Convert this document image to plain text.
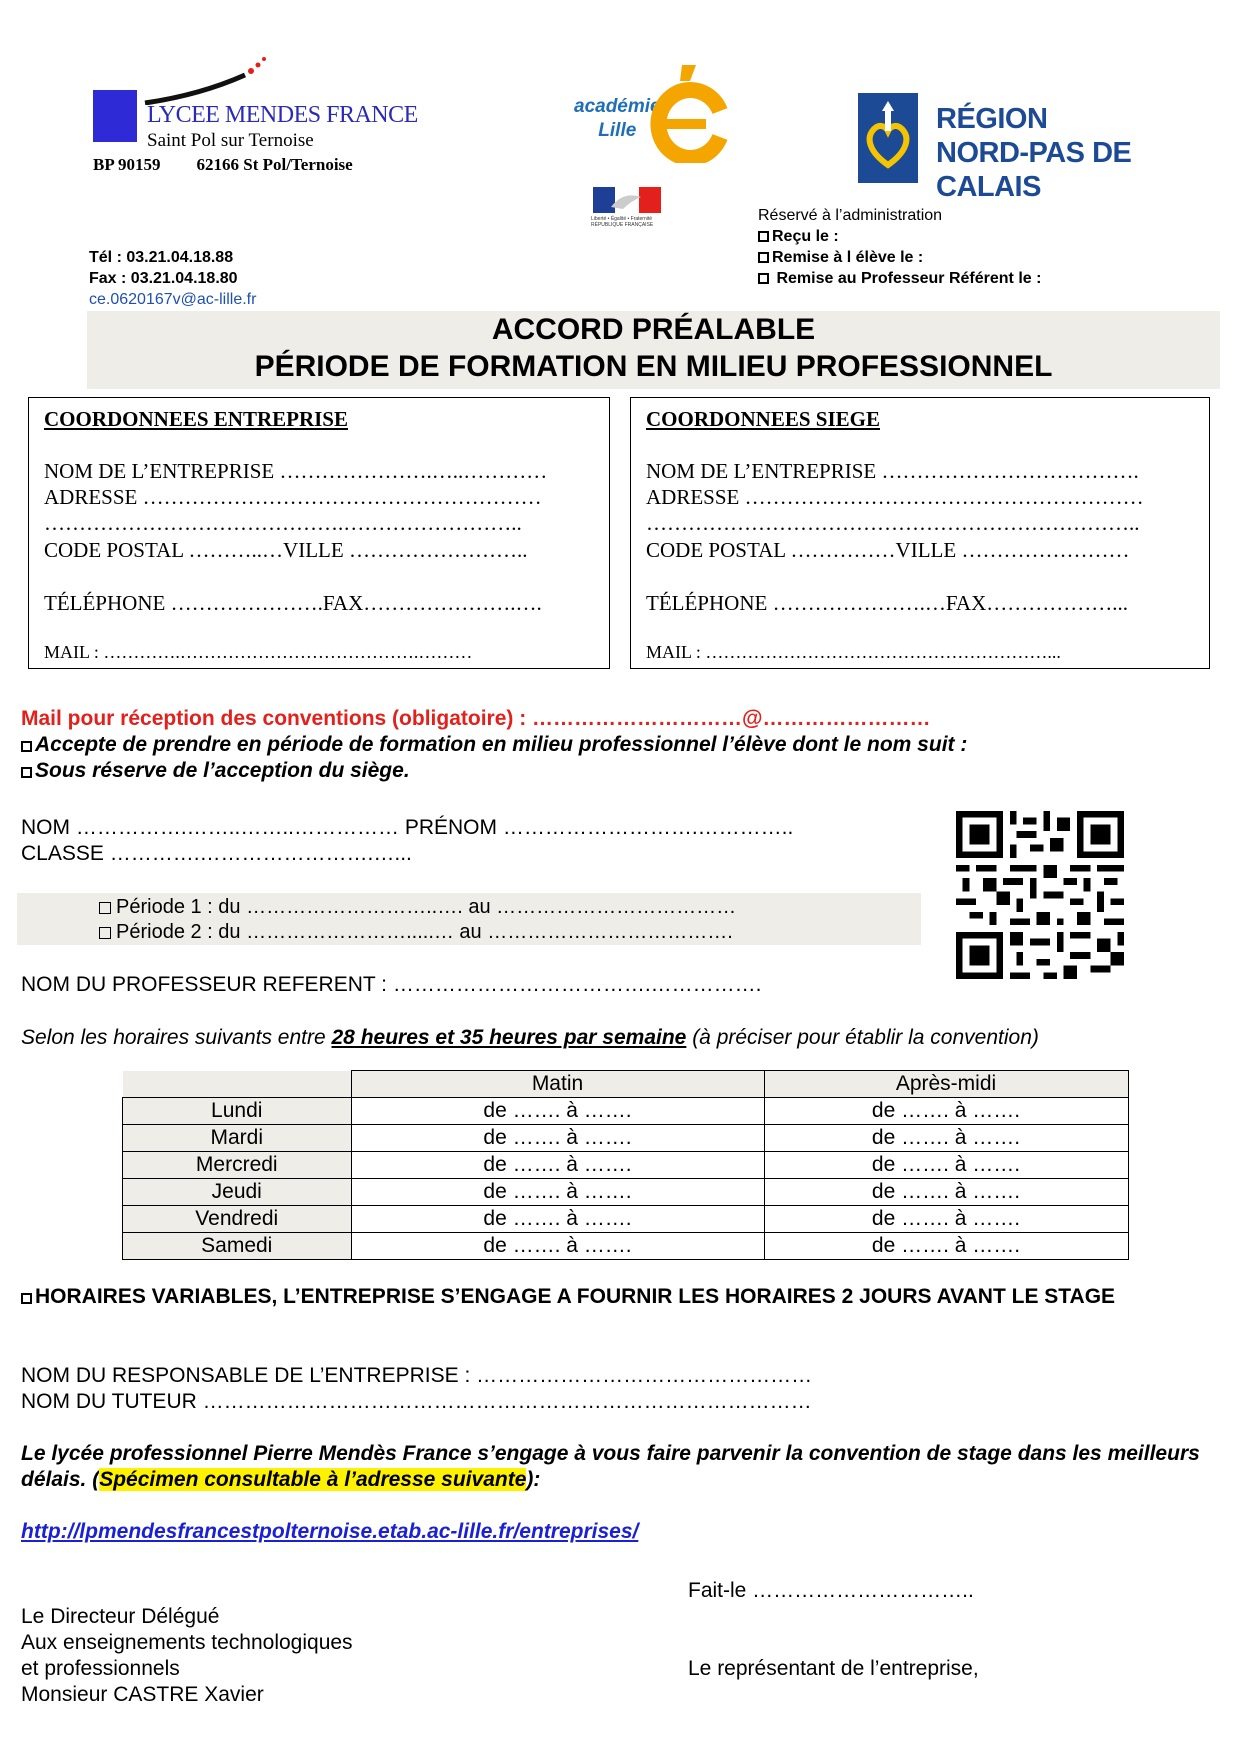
LYCEE MENDES FRANCE
Saint Pol sur Ternoise
BP 90159 62166 St Pol/Ternoise
académie
Lille
Liberté • Égalité • Fraternité RÉPUBLIQUE FRANÇAISE
RÉGION
NORD-PAS DE CALAIS
Tél : 03.21.04.18.88
Fax : 03.21.04.18.80
ce.0620167v@ac-lille.fr
Réservé à l’administration
Reçu le :
Remise à l élève le :
Remise au Professeur Référent le :
ACCORD PRÉALABLE
PÉRIODE DE FORMATION EN MILIEU PROFESSIONNEL
COORDONNEES ENTREPRISE
NOM DE L’ENTREPRISE ………………….…..…………
ADRESSE …………………………………………………
…………………………………….……………………..
CODE POSTAL ………..…VILLE ……………………..
TÉLÉPHONE ………………….FAX………………….….
MAIL : ………….………………………………….………
COORDONNEES SIEGE
NOM DE L’ENTREPRISE ……………………………….
ADRESSE …………………………………………………
……………………………………………………………..
CODE POSTAL ……………VILLE ……………………
TÉLÉPHONE ………………….…FAX………………...
MAIL : …………………………………………………...
Mail pour réception des conventions (obligatoire) : …………………………@……………………
Accepte de prendre en période de formation en milieu professionnel l’élève dont le nom suit :
Sous réserve de l’acception du siège.
NOM …………….……..……..…………… PRÉNOM ……………………….…………..
CLASSE ………….…………………….…...
Période 1 : du ………………………..…. au ………………………………
Période 2 : du …………………….....… au ……………………………….
NOM DU PROFESSEUR REFERENT : ……………………………….…………….
Selon les horaires suivants entre 28 heures et 35 heures par semaine (à préciser pour établir la convention)
	Matin	Après-midi
Lundi	de ……. à …….	de ……. à …….
Mardi	de ……. à …….	de ……. à …….
Mercredi	de ……. à …….	de ……. à …….
Jeudi	de ……. à …….	de ……. à …….
Vendredi	de ……. à …….	de ……. à …….
Samedi	de ……. à …….	de ……. à …….
HORAIRES VARIABLES, L’ENTREPRISE S’ENGAGE A FOURNIR LES HORAIRES 2 JOURS AVANT LE STAGE
NOM DU RESPONSABLE DE L’ENTREPRISE : …………………………………………
NOM DU TUTEUR ……………………………………………………………………………
Le lycée professionnel Pierre Mendès France s’engage à vous faire parvenir la convention de stage dans les meilleurs délais. (Spécimen consultable à l’adresse suivante):
http://lpmendesfrancestpolternoise.etab.ac-lille.fr/entreprises/
Fait-le …………………………..
Le Directeur Délégué
Aux enseignements technologiques
et professionnels
Monsieur CASTRE Xavier
Le représentant de l’entreprise,
